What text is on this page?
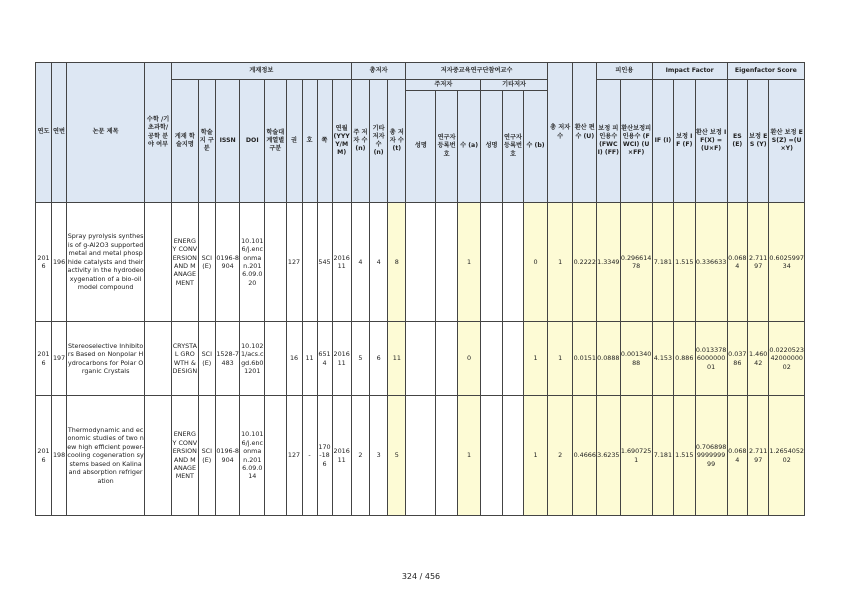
연도	연번	논문 제목	수학 /기초과학/공학 분야 여부	게재정보									총저자			저자중교육연구단참여교수						총 저자 수	환산 편수 (U)	피인용		Impact Factor			Eigenfactor Score		
				게재 학술지명	학술지 구분	ISSN	DOI	학술대 계열별 구분	권	호	쪽	연월 (YYYY/MM)	주 저자 수 (n)	기타 저자 수 (n)	총 저자 수 (t)	주저자			기타저자					보정 피인용수 (FWCI) (FF)	환산보정피인용수 (FWCI) (U×FF)	IF (I)	보정 IF (F)	환산 보정 IF(X) = (U×F)	ES (E)	보정 ES (Y)	환산 보정 ES(Z) =(U×Y)
																성명	연구자 등록번호	수 (a)	성명	연구자 등록번호	수 (b)										
2016	196	Spray pyrolysis synthesis of g-Al2O3 supported metal and metal phosphide catalysts and their activity in the hydrodeoxygenation of a bio-oil model compound		ENERGY CONVERSION AND MANAGEMENT	SCI(E)	0196-8904	10.1016/j.enconman.2016.09.020		127		545	2016 11	4	4	8			1			0	1	0.2222	1.3349	0.29661478	7.181	1.515	0.336633	0.0684	2.71197	0.602599734
2016	197	Stereoselective Inhibitors Based on Nonpolar Hydrocarbons for Polar Organic Crystals		CRYSTAL GROWTH & DESIGN	SCI(E)	1528-7483	10.1021/acs.cgd.6b01201		16	11	6514	2016 11	5	6	11			0			1	1	0.0151	0.0888	0.00134088	4.153	0.886	0.013378600000001	0.03786	1.46042	0.02205234200000002
2016	198	Thermodynamic and economic studies of two new high efficient power-cooling cogeneration systems based on Kalina and absorption refrigeration		ENERGY CONVERSION AND MANAGEMENT	SCI(E)	0196-8904	10.1016/j.enconman.2016.09.014		127	-	170-186	2016 11	2	3	5			1			1	2	0.4666	3.6235	1.6907251	7.181	1.515	0.706898999999999	0.0684	2.71197	1.265405202
324 / 456
